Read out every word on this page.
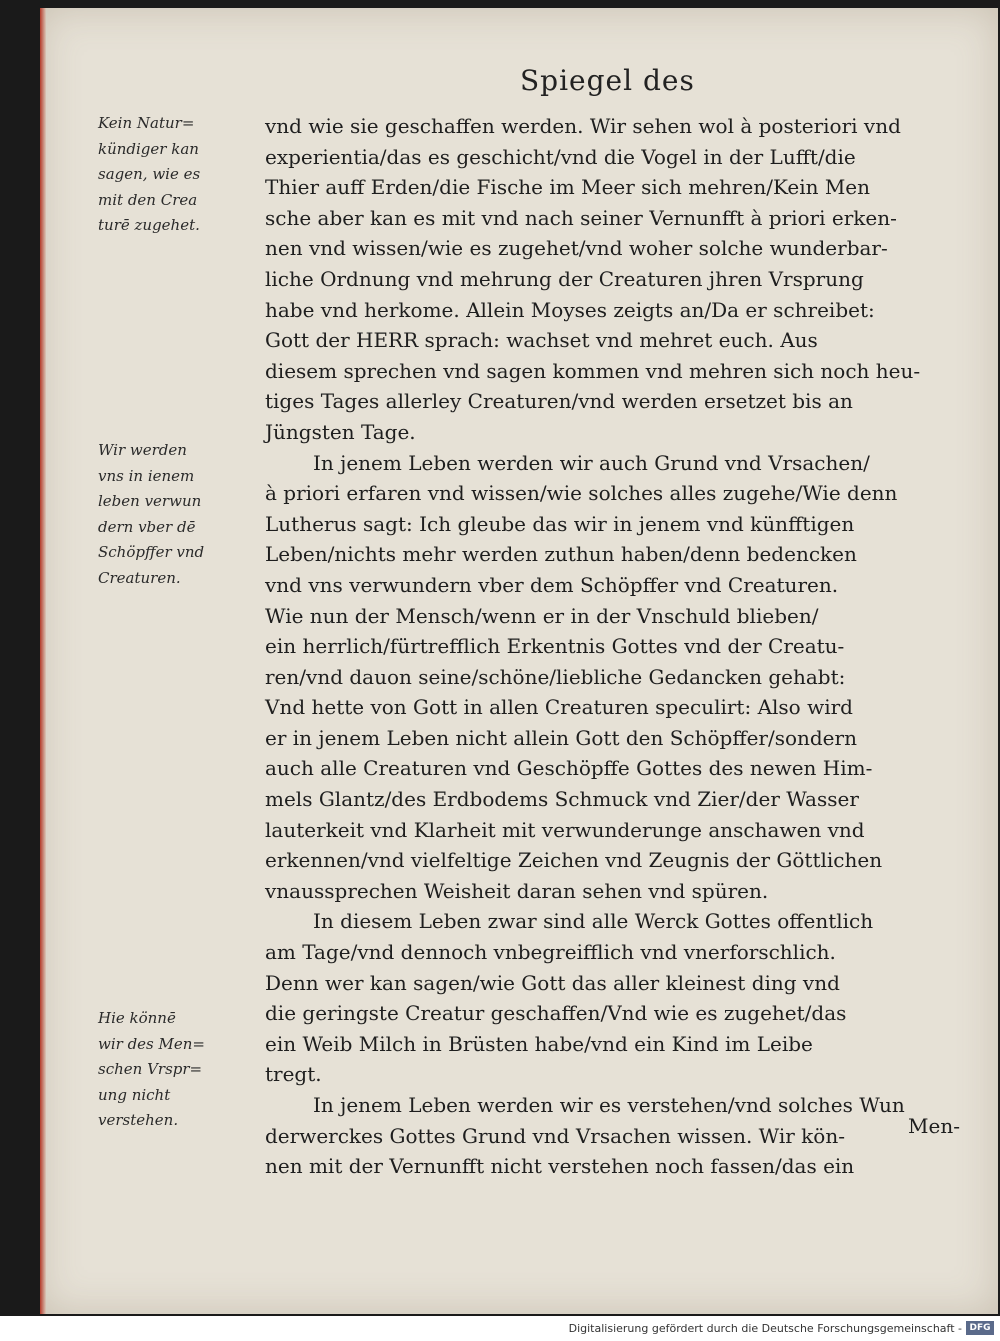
Spiegel des
Kein Natur=
kündiger kan
sagen, wie es
mit den Crea
turē zugehet.
Wir werden
vns in ienem
leben verwun
dern vber dē
Schöpffer vnd
Creaturen.
Hie könnē
wir des Men=
schen Vrspr=
ung nicht
verstehen.
vnd wie sie geschaffen werden. Wir sehen wol à posteriori vnd
experientia/das es geschicht/vnd die Vogel in der Lufft/die
Thier auff Erden/die Fische im Meer sich mehren/Kein Men
sche aber kan es mit vnd nach seiner Vernunfft à priori erken-
nen vnd wissen/wie es zugehet/vnd woher solche wunderbar-
liche Ordnung vnd mehrung der Creaturen jhren Vrsprung
habe vnd herkome. Allein Moyses zeigts an/Da er schreibet:
Gott der HERR sprach: wachset vnd mehret euch. Aus
diesem sprechen vnd sagen kommen vnd mehren sich noch heu-
tiges Tages allerley Creaturen/vnd werden ersetzet bis an
Jüngsten Tage.
In jenem Leben werden wir auch Grund vnd Vrsachen/
à priori erfaren vnd wissen/wie solches alles zugehe/Wie denn
Lutherus sagt: Ich gleube das wir in jenem vnd künfftigen
Leben/nichts mehr werden zuthun haben/denn bedencken
vnd vns verwundern vber dem Schöpffer vnd Creaturen.
Wie nun der Mensch/wenn er in der Vnschuld blieben/
ein herrlich/fürtrefflich Erkentnis Gottes vnd der Creatu-
ren/vnd dauon seine/schöne/liebliche Gedancken gehabt:
Vnd hette von Gott in allen Creaturen speculirt: Also wird
er in jenem Leben nicht allein Gott den Schöpffer/sondern
auch alle Creaturen vnd Geschöpffe Gottes des newen Him-
mels Glantz/des Erdbodems Schmuck vnd Zier/der Wasser
lauterkeit vnd Klarheit mit verwunderunge anschawen vnd
erkennen/vnd vielfeltige Zeichen vnd Zeugnis der Göttlichen
vnaussprechen Weisheit daran sehen vnd spüren.
In diesem Leben zwar sind alle Werck Gottes offentlich
am Tage/vnd dennoch vnbegreifflich vnd vnerforschlich.
Denn wer kan sagen/wie Gott das aller kleinest ding vnd
die geringste Creatur geschaffen/Vnd wie es zugehet/das
ein Weib Milch in Brüsten habe/vnd ein Kind im Leibe
tregt.
In jenem Leben werden wir es verstehen/vnd solches Wun
derwerckes Gottes Grund vnd Vrsachen wissen. Wir kön-
nen mit der Vernunfft nicht verstehen noch fassen/das ein
Men-
Digitalisierung gefördert durch die Deutsche Forschungsgemeinschaft - DFG
